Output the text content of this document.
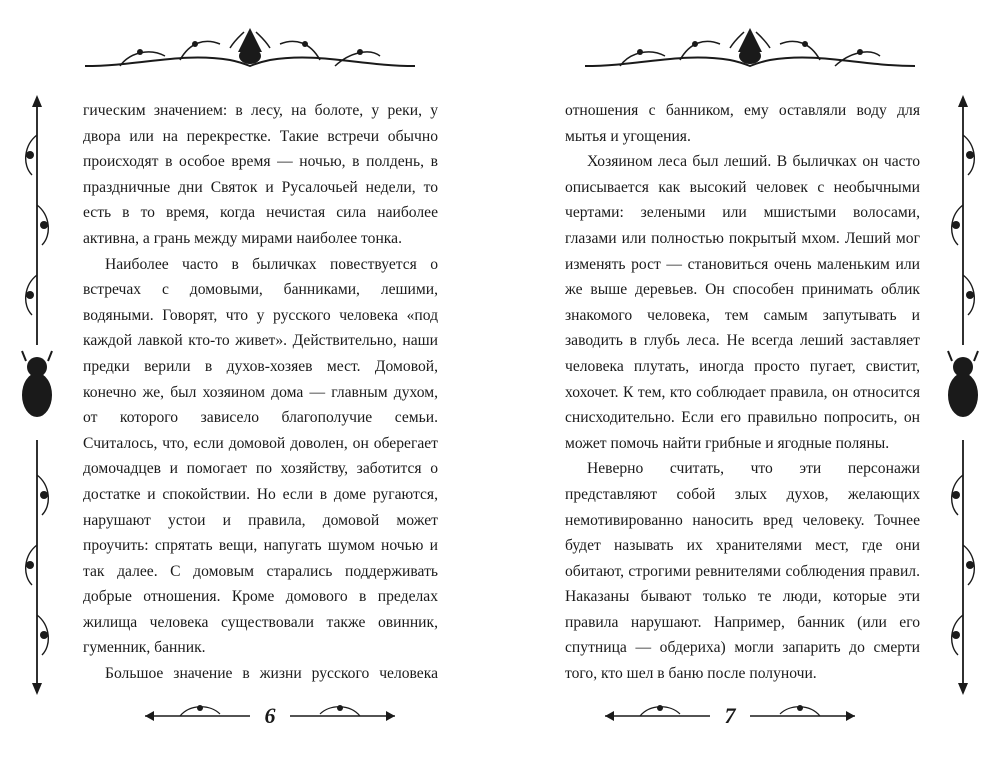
гическим значением: в лесу, на болоте, у реки, у двора или на перекрестке. Такие встречи обычно происходят в особое время — ночью, в полдень, в праздничные дни Святок и Русалочьей недели, то есть в то время, когда нечистая сила наиболее активна, а грань между мирами наиболее тонка.

Наиболее часто в быличках повествуется о встречах с домовыми, банниками, лешими, водяными. Говорят, что у русского человека «под каждой лавкой кто-то живет». Действительно, наши предки верили в духов-хозяев мест. Домовой, конечно же, был хозяином дома — главным духом, от которого зависело благополучие семьи. Считалось, что, если домовой доволен, он оберегает домочадцев и помогает по хозяйству, заботится о достатке и спокойствии. Но если в доме ругаются, нарушают устои и правила, домовой может проучить: спрятать вещи, напугать шумом ночью и так далее. С домовым старались поддерживать добрые отношения. Кроме домового в пределах жилища человека существовали также овинник, гуменник, банник.

Большое значение в жизни русского человека

6

отношения с банником, ему оставляли воду для мытья и угощения.

Хозяином леса был леший. В быличках он часто описывается как высокий человек с необычными чертами: зелеными или мшистыми волосами, глазами или полностью покрытый мхом. Леший мог изменять рост — становиться очень маленьким или же выше деревьев. Он способен принимать облик знакомого человека, тем самым запутывать и заводить в глубь леса. Не всегда леший заставляет человека плутать, иногда просто пугает, свистит, хохочет. К тем, кто соблюдает правила, он относится снисходительно. Если его правильно попросить, он может помочь найти грибные и ягодные поляны.

Неверно считать, что эти персонажи представляют собой злых духов, желающих немотивированно наносить вред человеку. Точнее будет называть их хранителями мест, где они обитают, строгими ревнителями соблюдения правил. Наказаны бывают только те люди, которые эти правила нарушают. Например, банник (или его спутница — обдериха) могли запарить до смерти того, кто шел в баню после полуночи.

7
